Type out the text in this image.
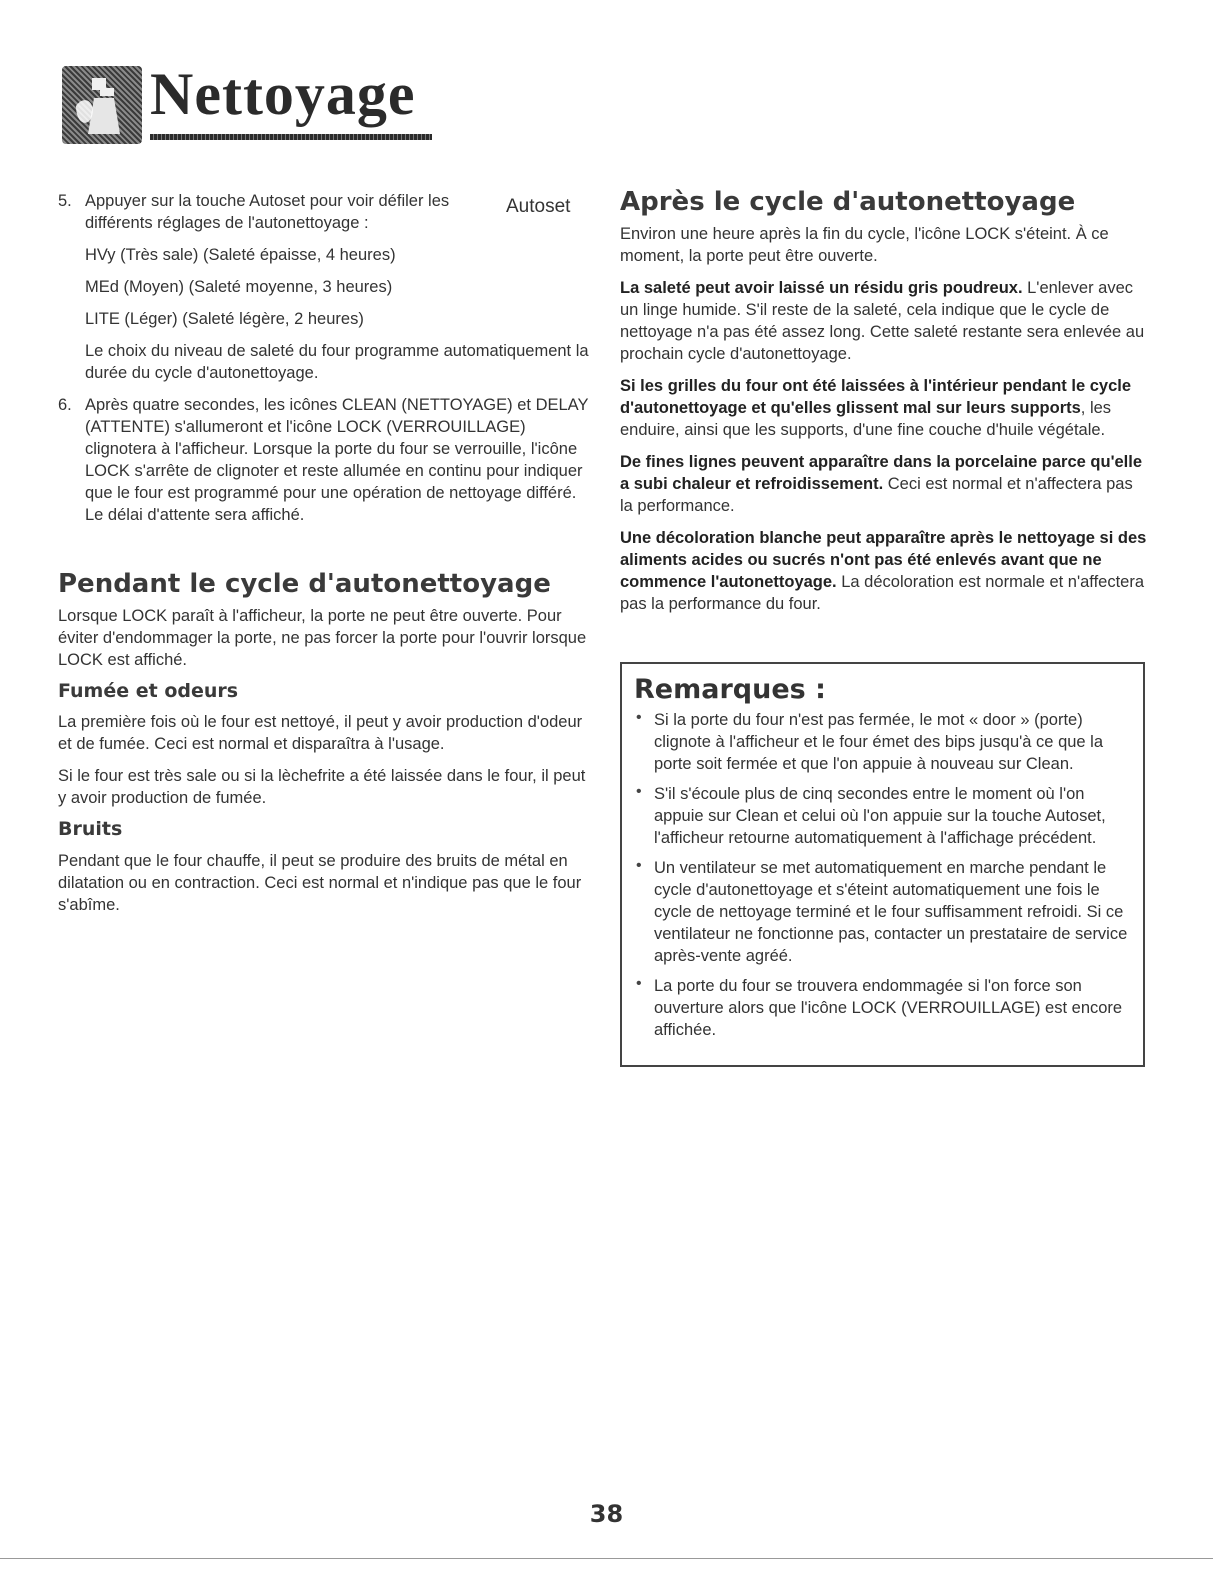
Nettoyage
5. Appuyer sur la touche Autoset pour voir défiler les différents réglages de l'autonettoyage :

Autoset

HVy (Très sale) (Saleté épaisse, 4 heures)

MEd (Moyen) (Saleté moyenne, 3 heures)

LITE (Léger) (Saleté légère, 2 heures)

Le choix du niveau de saleté du four programme automatiquement la durée du cycle d'autonettoyage.

6. Après quatre secondes, les icônes CLEAN (NETTOYAGE) et DELAY (ATTENTE) s'allumeront et l'icône LOCK (VERROUILLAGE) clignotera à l'afficheur. Lorsque la porte du four se verrouille, l'icône LOCK s'arrête de clignoter et reste allumée en continu pour indiquer que le four est programmé pour une opération de nettoyage différé. Le délai d'attente sera affiché.

Pendant le cycle d'autonettoyage

Lorsque LOCK paraît à l'afficheur, la porte ne peut être ouverte. Pour éviter d'endommager la porte, ne pas forcer la porte pour l'ouvrir lorsque LOCK est affiché.

Fumée et odeurs

La première fois où le four est nettoyé, il peut y avoir production d'odeur et de fumée. Ceci est normal et disparaîtra à l'usage.

Si le four est très sale ou si la lèchefrite a été laissée dans le four, il peut y avoir production de fumée.

Bruits

Pendant que le four chauffe, il peut se produire des bruits de métal en dilatation ou en contraction. Ceci est normal et n'indique pas que le four s'abîme.

Après le cycle d'autonettoyage

Environ une heure après la fin du cycle, l'icône LOCK s'éteint. À ce moment, la porte peut être ouverte.

La saleté peut avoir laissé un résidu gris poudreux. L'enlever avec un linge humide. S'il reste de la saleté, cela indique que le cycle de nettoyage n'a pas été assez long. Cette saleté restante sera enlevée au prochain cycle d'autonettoyage.

Si les grilles du four ont été laissées à l'intérieur pendant le cycle d'autonettoyage et qu'elles glissent mal sur leurs supports, les enduire, ainsi que les supports, d'une fine couche d'huile végétale.

De fines lignes peuvent apparaître dans la porcelaine parce qu'elle a subi chaleur et refroidissement. Ceci est normal et n'affectera pas la performance.

Une décoloration blanche peut apparaître après le nettoyage si des aliments acides ou sucrés n'ont pas été enlevés avant que ne commence l'autonettoyage. La décoloration est normale et n'affectera pas la performance du four.

Remarques :
• Si la porte du four n'est pas fermée, le mot « door » (porte) clignote à l'afficheur et le four émet des bips jusqu'à ce que la porte soit fermée et que l'on appuie à nouveau sur Clean.

• S'il s'écoule plus de cinq secondes entre le moment où l'on appuie sur Clean et celui où l'on appuie sur la touche Autoset, l'afficheur retourne automatiquement à l'affichage précédent.

• Un ventilateur se met automatiquement en marche pendant le cycle d'autonettoyage et s'éteint automatiquement une fois le cycle de nettoyage terminé et le four suffisamment refroidi. Si ce ventilateur ne fonctionne pas, contacter un prestataire de service après-vente agréé.

• La porte du four se trouvera endommagée si l'on force son ouverture alors que l'icône LOCK (VERROUILLAGE) est encore affichée.

38
